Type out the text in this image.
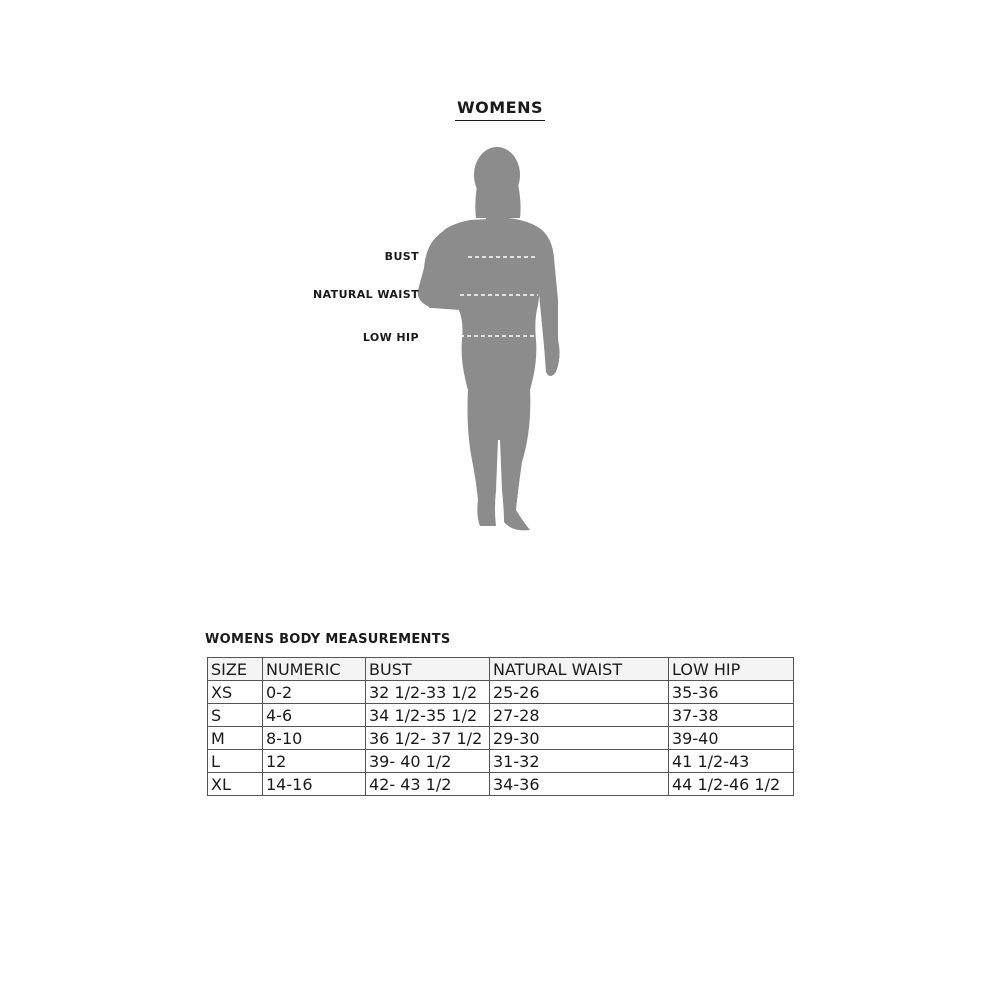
WOMENS
BUST
NATURAL WAIST
LOW HIP
WOMENS BODY MEASUREMENTS
SIZE	NUMERIC	BUST	NATURAL WAIST	LOW HIP
XS	0-2	32 1/2-33 1/2	25-26	35-36
S	4-6	34 1/2-35 1/2	27-28	37-38
M	8-10	36 1/2- 37 1/2	29-30	39-40
L	12	39- 40 1/2	31-32	41 1/2-43
XL	14-16	42- 43 1/2	34-36	44 1/2-46 1/2
